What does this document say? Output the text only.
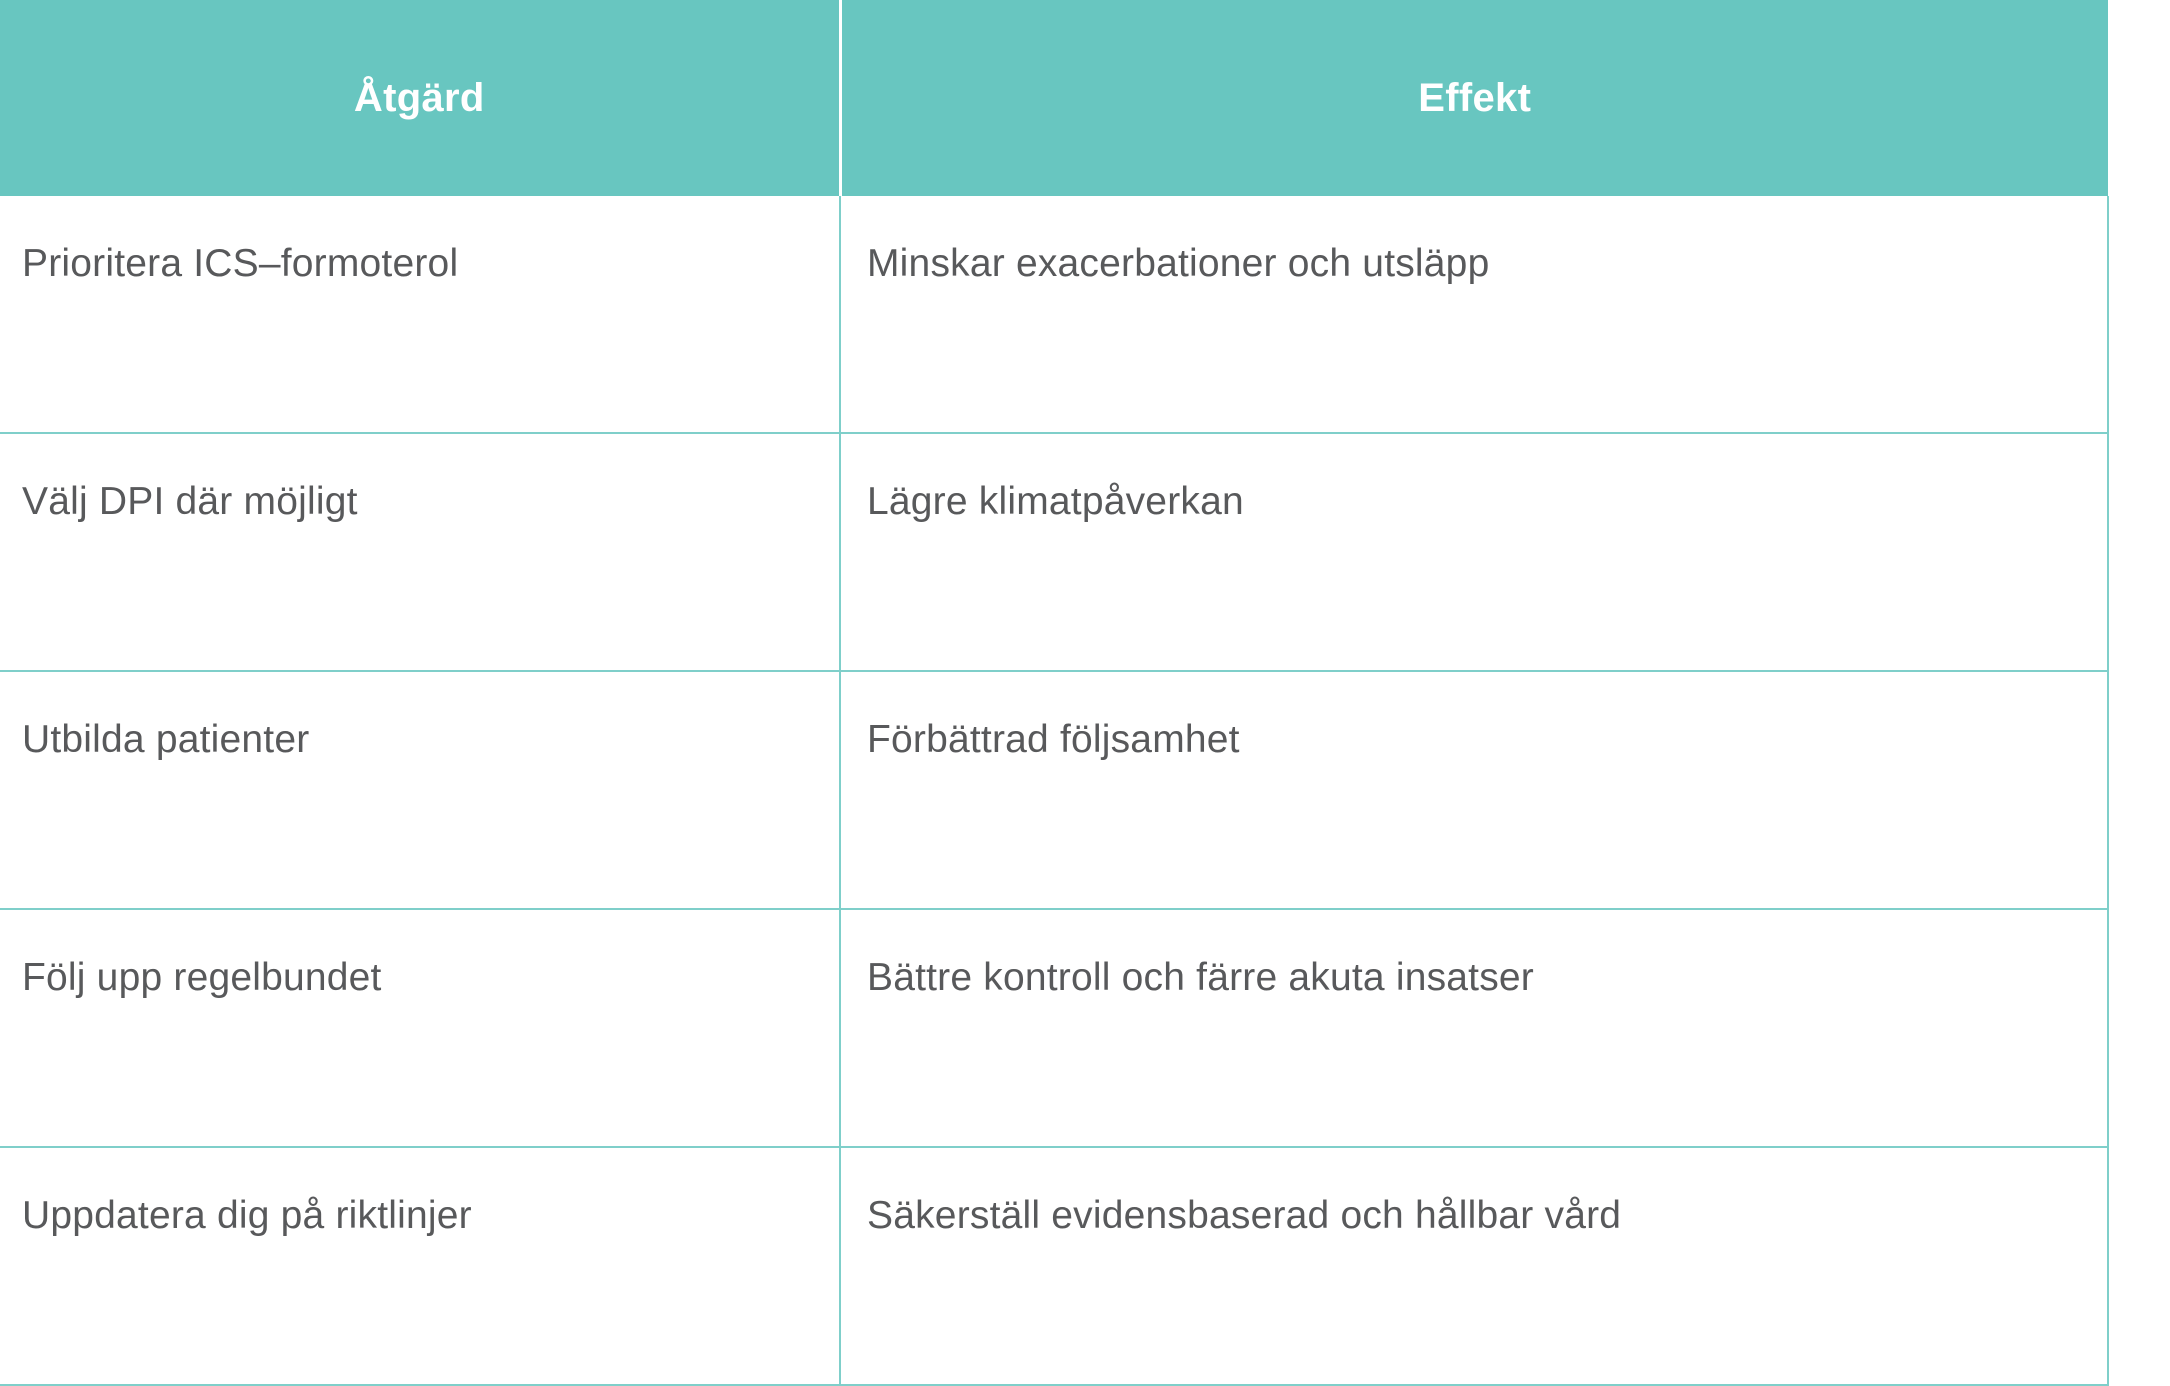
Åtgärd	Effekt
Prioritera ICS–formoterol	Minskar exacerbationer och utsläpp
Välj DPI där möjligt	Lägre klimatpåverkan
Utbilda patienter	Förbättrad följsamhet
Följ upp regelbundet	Bättre kontroll och färre akuta insatser
Uppdatera dig på riktlinjer	Säkerställ evidensbaserad och hållbar vård
